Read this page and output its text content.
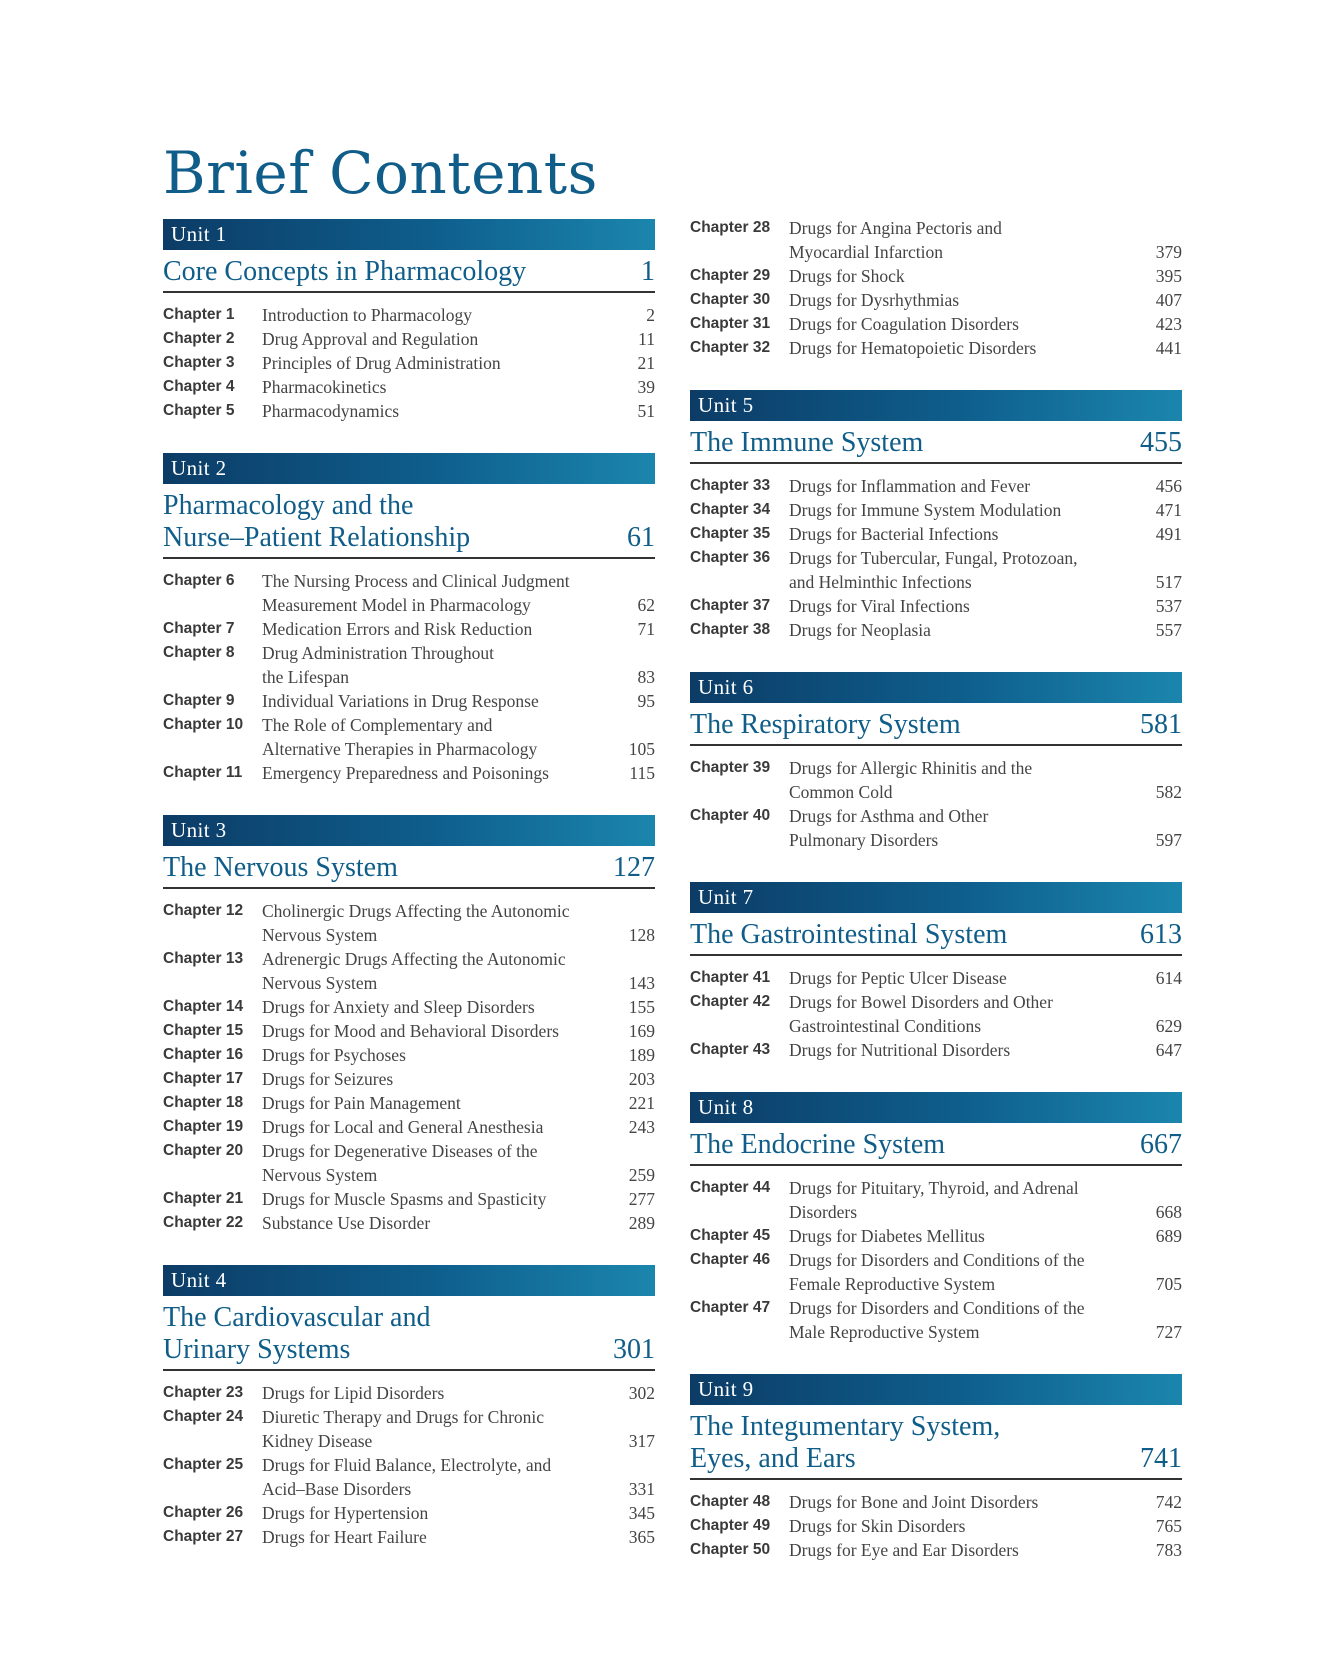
Brief Contents
Unit 1
Core Concepts in Pharmacology	1
Chapter 1	Introduction to Pharmacology	2
Chapter 2	Drug Approval and Regulation	11
Chapter 3	Principles of Drug Administration	21
Chapter 4	Pharmacokinetics	39
Chapter 5	Pharmacodynamics	51
Unit 2
Pharmacology and the
Nurse–Patient Relationship	61
Chapter 6	The Nursing Process and Clinical Judgment
Measurement Model in Pharmacology	62
Chapter 7	Medication Errors and Risk Reduction	71
Chapter 8	Drug Administration Throughout
the Lifespan	83
Chapter 9	Individual Variations in Drug Response	95
Chapter 10	The Role of Complementary and
Alternative Therapies in Pharmacology	105
Chapter 11	Emergency Preparedness and Poisonings	115
Unit 3
The Nervous System	127
Chapter 12	Cholinergic Drugs Affecting the Autonomic
Nervous System	128
Chapter 13	Adrenergic Drugs Affecting the Autonomic
Nervous System	143
Chapter 14	Drugs for Anxiety and Sleep Disorders	155
Chapter 15	Drugs for Mood and Behavioral Disorders	169
Chapter 16	Drugs for Psychoses	189
Chapter 17	Drugs for Seizures	203
Chapter 18	Drugs for Pain Management	221
Chapter 19	Drugs for Local and General Anesthesia	243
Chapter 20	Drugs for Degenerative Diseases of the
Nervous System	259
Chapter 21	Drugs for Muscle Spasms and Spasticity	277
Chapter 22	Substance Use Disorder	289
Unit 4
The Cardiovascular and
Urinary Systems	301
Chapter 23	Drugs for Lipid Disorders	302
Chapter 24	Diuretic Therapy and Drugs for Chronic
Kidney Disease	317
Chapter 25	Drugs for Fluid Balance, Electrolyte, and
Acid–Base Disorders	331
Chapter 26	Drugs for Hypertension	345
Chapter 27	Drugs for Heart Failure	365
Chapter 28	Drugs for Angina Pectoris and
Myocardial Infarction	379
Chapter 29	Drugs for Shock	395
Chapter 30	Drugs for Dysrhythmias	407
Chapter 31	Drugs for Coagulation Disorders	423
Chapter 32	Drugs for Hematopoietic Disorders	441
Unit 5
The Immune System	455
Chapter 33	Drugs for Inflammation and Fever	456
Chapter 34	Drugs for Immune System Modulation	471
Chapter 35	Drugs for Bacterial Infections	491
Chapter 36	Drugs for Tubercular, Fungal, Protozoan,
and Helminthic Infections	517
Chapter 37	Drugs for Viral Infections	537
Chapter 38	Drugs for Neoplasia	557
Unit 6
The Respiratory System	581
Chapter 39	Drugs for Allergic Rhinitis and the
Common Cold	582
Chapter 40	Drugs for Asthma and Other
Pulmonary Disorders	597
Unit 7
The Gastrointestinal System	613
Chapter 41	Drugs for Peptic Ulcer Disease	614
Chapter 42	Drugs for Bowel Disorders and Other
Gastrointestinal Conditions	629
Chapter 43	Drugs for Nutritional Disorders	647
Unit 8
The Endocrine System	667
Chapter 44	Drugs for Pituitary, Thyroid, and Adrenal
Disorders	668
Chapter 45	Drugs for Diabetes Mellitus	689
Chapter 46	Drugs for Disorders and Conditions of the
Female Reproductive System	705
Chapter 47	Drugs for Disorders and Conditions of the
Male Reproductive System	727
Unit 9
The Integumentary System,
Eyes, and Ears	741
Chapter 48	Drugs for Bone and Joint Disorders	742
Chapter 49	Drugs for Skin Disorders	765
Chapter 50	Drugs for Eye and Ear Disorders	783
